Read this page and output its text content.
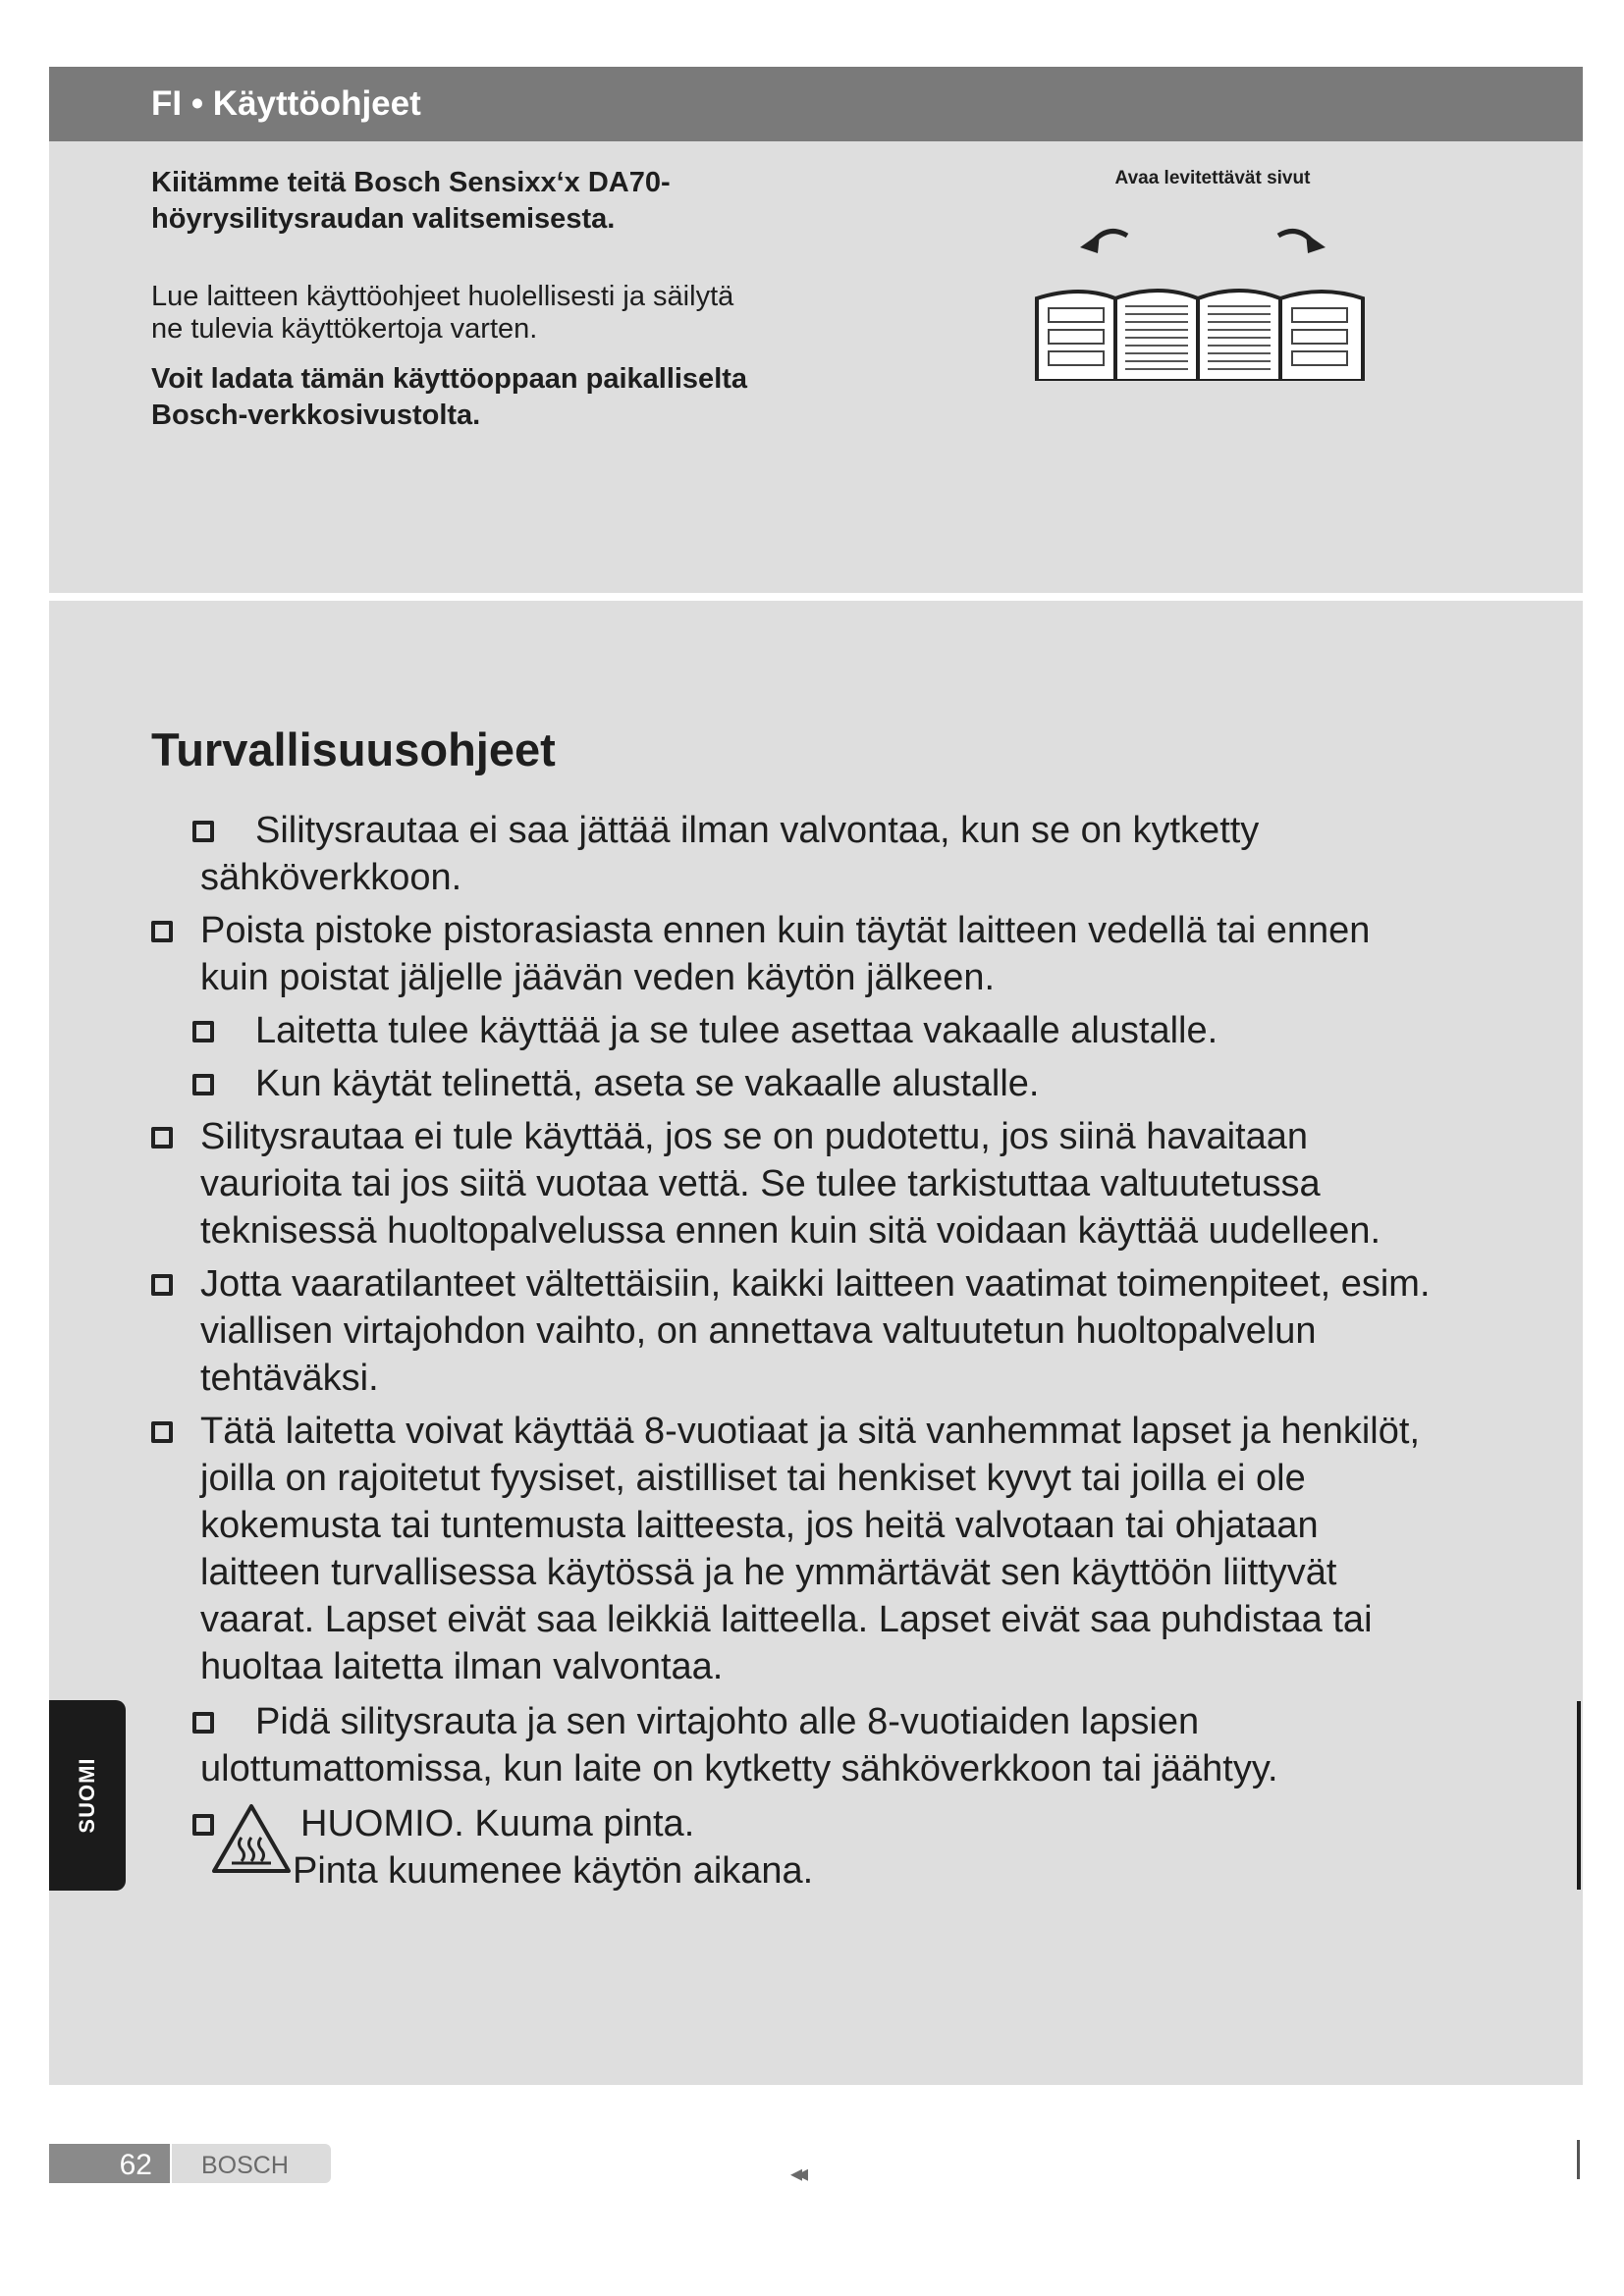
FI • Käyttöohjeet
Kiitämme teitä Bosch Sensixx‘x DA70-
höyrysilitysraudan valitsemisesta.
Lue laitteen käyttöohjeet huolellisesti ja säilytä
ne tulevia käyttökertoja varten.
Voit ladata tämän käyttöoppaan paikalliselta
Bosch-verkkosivustolta.
Avaa levitettävät sivut
Turvallisuusohjeet
Silitysrautaa ei saa jättää ilman valvontaa, kun se on kytketty
sähköverkkoon.
Poista pistoke pistorasiasta ennen kuin täytät laitteen vedellä tai ennen
kuin poistat jäljelle jäävän veden käytön jälkeen.
Laitetta tulee käyttää ja se tulee asettaa vakaalle alustalle.
Kun käytät telinettä, aseta se vakaalle alustalle.
Silitysrautaa ei tule käyttää, jos se on pudotettu, jos siinä havaitaan
vaurioita tai jos siitä vuotaa vettä. Se tulee tarkistuttaa valtuutetussa
teknisessä huoltopalvelussa ennen kuin sitä voidaan käyttää uudelleen.
Jotta vaaratilanteet vältettäisiin, kaikki laitteen vaatimat toimenpiteet, esim.
viallisen virtajohdon vaihto, on annettava valtuutetun huoltopalvelun
tehtäväksi.
Tätä laitetta voivat käyttää 8-vuotiaat ja sitä vanhemmat lapset ja henkilöt,
joilla on rajoitetut fyysiset, aistilliset tai henkiset kyvyt tai joilla ei ole
kokemusta tai tuntemusta laitteesta, jos heitä valvotaan tai ohjataan
laitteen turvallisessa käytössä ja he ymmärtävät sen käyttöön liittyvät
vaarat. Lapset eivät saa leikkiä laitteella. Lapset eivät saa puhdistaa tai
huoltaa laitetta ilman valvontaa.
Pidä silitysrauta ja sen virtajohto alle 8-vuotiaiden lapsien
ulottumattomissa, kun laite on kytketty sähköverkkoon tai jäähtyy.
HUOMIO. Kuuma pinta.
Pinta kuumenee käytön aikana.
SUOMI
62 BOSCH	◂◂
